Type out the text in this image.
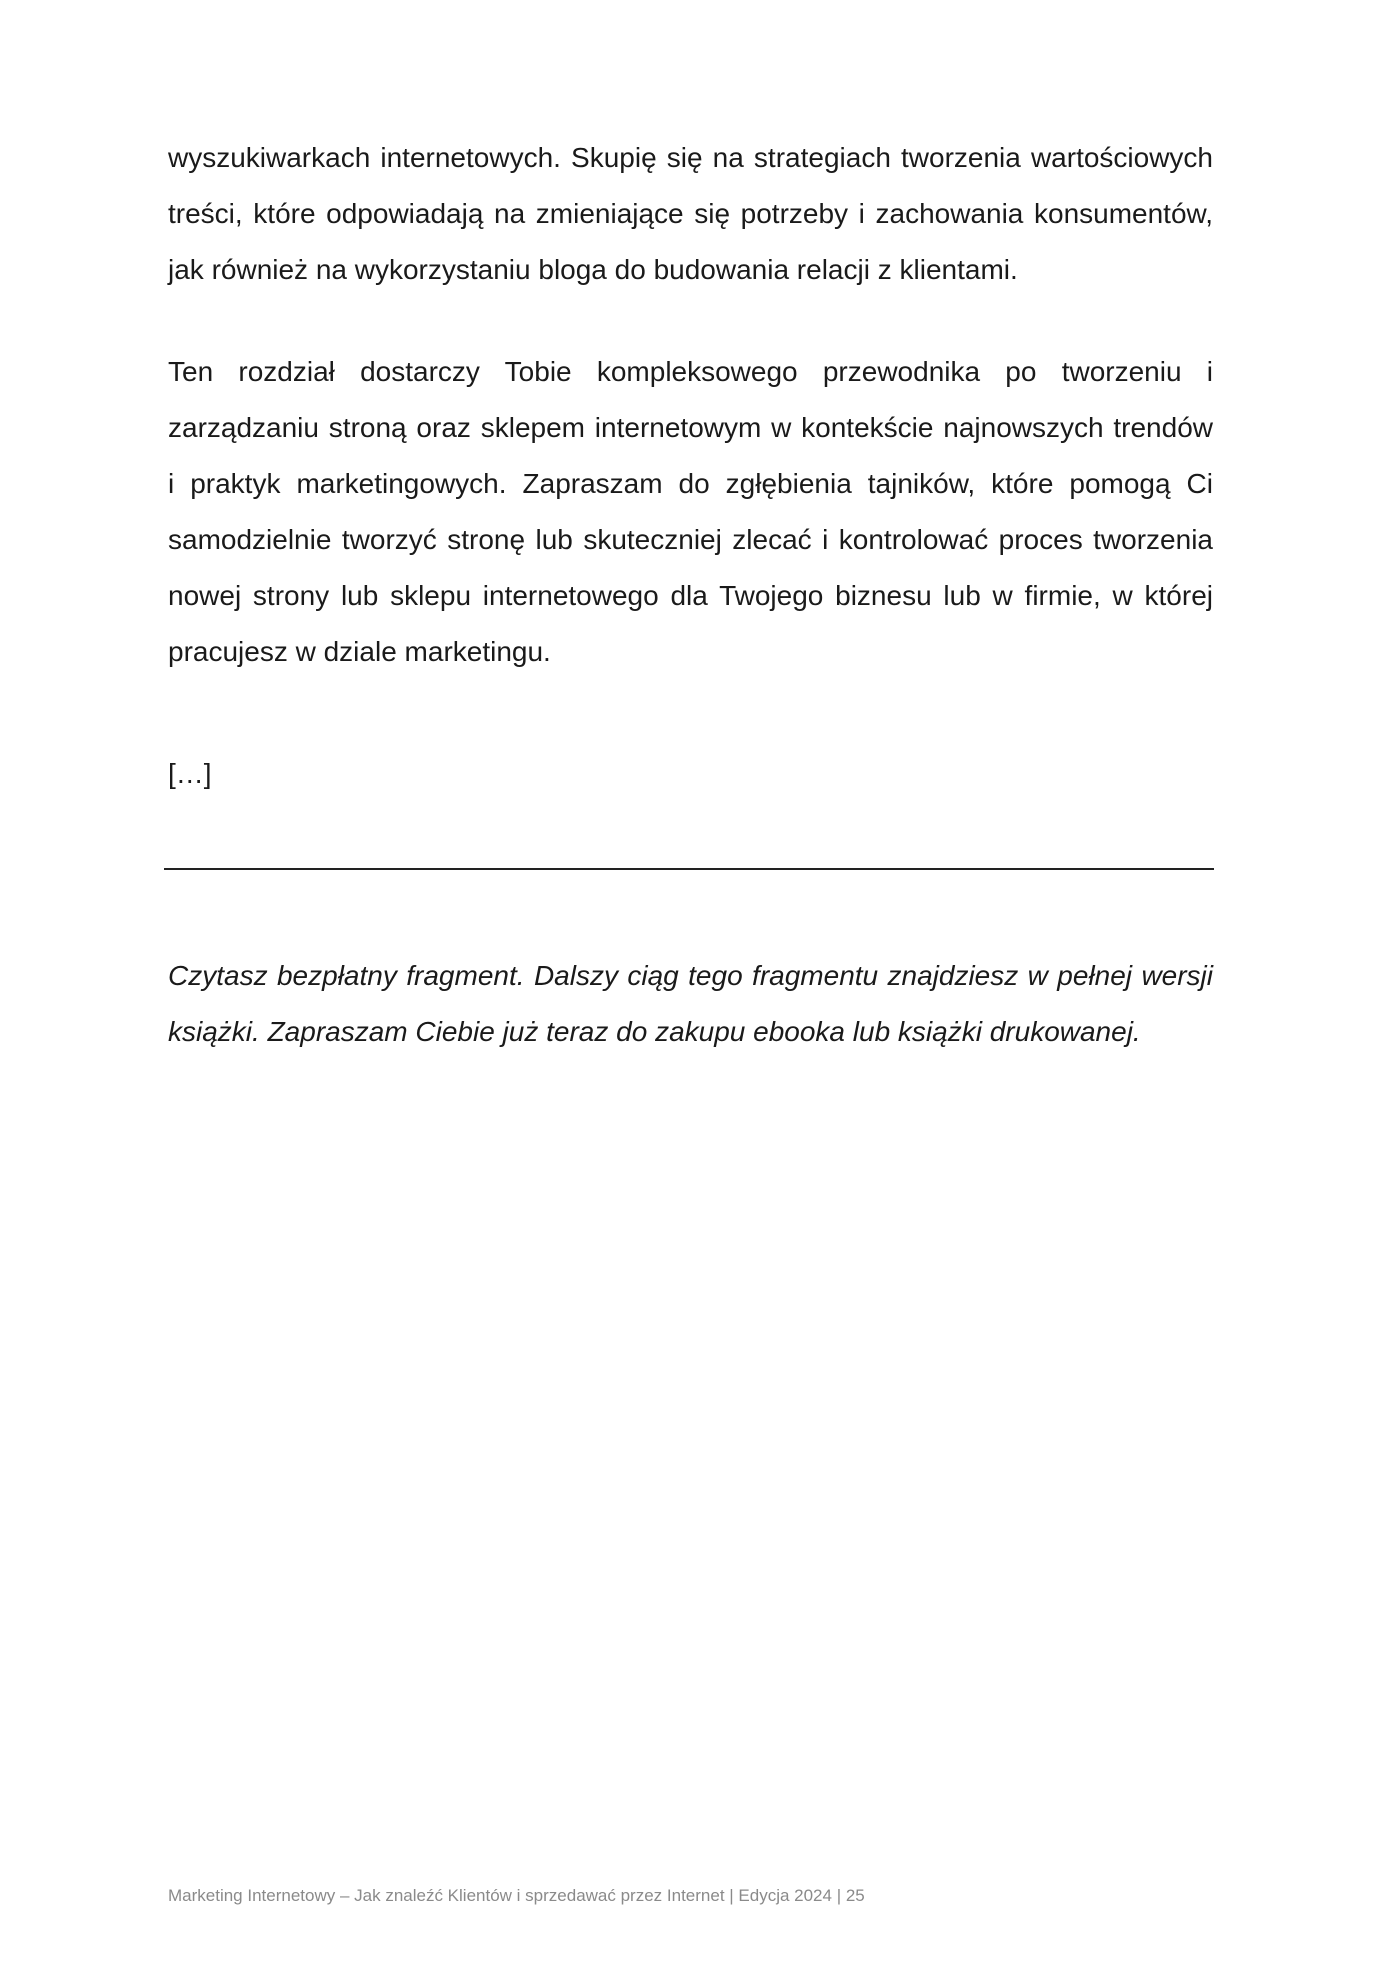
wyszukiwarkach internetowych. Skupię się na strategiach tworzenia wartościowych
treści, które odpowiadają na zmieniające się potrzeby i zachowania konsumentów,
jak również na wykorzystaniu bloga do budowania relacji z klientami.

Ten rozdział dostarczy Tobie kompleksowego przewodnika po tworzeniu i
zarządzaniu stroną oraz sklepem internetowym w kontekście najnowszych trendów
i praktyk marketingowych. Zapraszam do zgłębienia tajników, które pomogą Ci
samodzielnie tworzyć stronę lub skuteczniej zlecać i kontrolować proces tworzenia
nowej strony lub sklepu internetowego dla Twojego biznesu lub w firmie, w której
pracujesz w dziale marketingu.

[…]
Czytasz bezpłatny fragment. Dalszy ciąg tego fragmentu znajdziesz w pełnej wersji
książki. Zapraszam Ciebie już teraz do zakupu ebooka lub książki drukowanej.
Marketing Internetowy – Jak znaleźć Klientów i sprzedawać przez Internet | Edycja 2024 | 25
